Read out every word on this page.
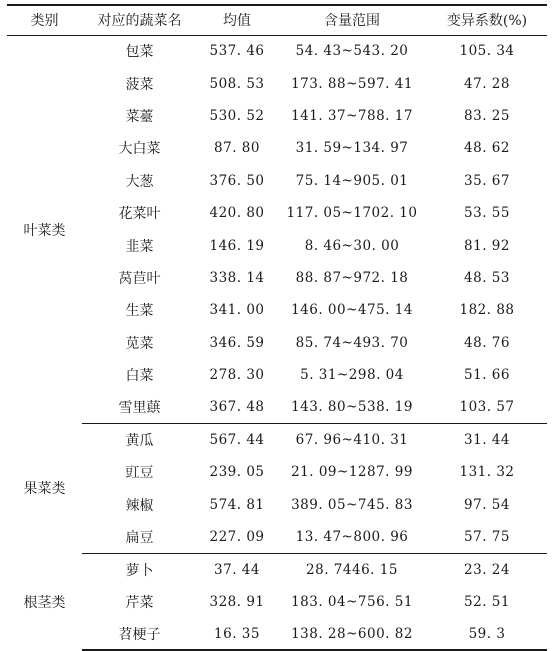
类别	对应的蔬菜名	均值	含量范围	变异系数(%)
叶菜类	包菜	537. 46	54. 43~543. 20	105. 34
	菠菜	508. 53	173. 88~597. 41	47. 28
	菜薹	530. 52	141. 37~788. 17	83. 25
	大白菜	87. 80	31. 59~134. 97	48. 62
	大葱	376. 50	75. 14~905. 01	35. 67
	花菜叶	420. 80	117. 05~1702. 10	53. 55
	韭菜	146. 19	8. 46~30. 00	81. 92
	莴苣叶	338. 14	88. 87~972. 18	48. 53
	生菜	341. 00	146. 00~475. 14	182. 88
	苋菜	346. 59	85. 74~493. 70	48. 76
	白菜	278. 30	5. 31~298. 04	51. 66
	雪里蕻	367. 48	143. 80~538. 19	103. 57
果菜类	黄瓜	567. 44	67. 96~410. 31	31. 44
	豇豆	239. 05	21. 09~1287. 99	131. 32
	辣椒	574. 81	389. 05~745. 83	97. 54
	扁豆	227. 09	13. 47~800. 96	57. 75
根茎类	萝卜	37. 44	28. 7446. 15	23. 24
	芹菜	328. 91	183. 04~756. 51	52. 51
	苕梗子	16. 35	138. 28~600. 82	59. 3
